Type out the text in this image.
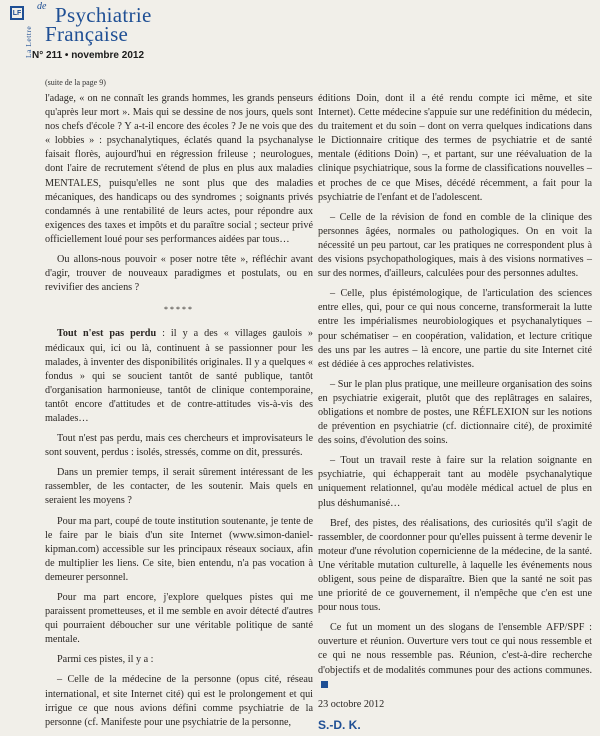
LF
La Lettre
de Psychiatrie
Française
N° 211 • novembre 2012
(suite de la page 9)

l'adage, « on ne connaît les grands hommes, les grands penseurs qu'après leur mort ». Mais qui se dessine de nos jours, quels sont nos chefs d'école ? Y a-t-il encore des écoles ? Je ne vois que des « lobbies » : psychanalytiques, éclatés quand la psychanalyse faisait florès, aujourd'hui en régression frileuse ; neurologues, dont l'aire de recrutement s'étend de plus en plus aux maladies MENTALES, puisqu'elles ne sont plus que des maladies mécaniques, des handicaps ou des syndromes ; soignants privés condamnés à une rentabilité de leurs actes, pour répondre aux exigences des taxes et impôts et du paraître social ; secteur privé officiellement loué pour ses performances aidées par tous…

Ou allons-nous pouvoir « poser notre tête », réfléchir avant d'agir, trouver de nouveaux paradigmes et postulats, ou en revivifier des anciens ?

*****

Tout n'est pas perdu : il y a des « villages gaulois » médicaux qui, ici ou là, continuent à se passionner pour les malades, à inventer des disponibilités originales. Il y a quelques « fondus » qui se soucient tantôt de santé publique, tantôt d'organisation harmonieuse, tantôt de clinique contemporaine, tantôt encore d'attitudes et de contre-attitudes vis-à-vis des malades…

Tout n'est pas perdu, mais ces chercheurs et improvisateurs le sont souvent, perdus : isolés, stressés, comme on dit, pressurés.

Dans un premier temps, il serait sûrement intéressant de les rassembler, de les contacter, de les soutenir. Mais quels en seraient les moyens ?

Pour ma part, coupé de toute institution soutenante, je tente de le faire par le biais d'un site Internet (www.simon-daniel-kipman.com) accessible sur les principaux réseaux sociaux, afin de multiplier les liens. Ce site, bien entendu, n'a pas vocation à demeurer personnel.

Pour ma part encore, j'explore quelques pistes qui me paraissent prometteuses, et il me semble en avoir détecté d'autres qui pourraient déboucher sur une véritable politique de santé mentale.

Parmi ces pistes, il y a :

– Celle de la médecine de la personne (opus cité, réseau international, et site Internet cité) qui est le prolongement et qui irrigue ce que nous avions défini comme psychiatrie de la personne (cf. Manifeste pour une psychiatrie de la personne,

éditions Doin, dont il a été rendu compte ici même, et site Internet). Cette médecine s'appuie sur une redéfinition du médecin, du traitement et du soin – dont on verra quelques indications dans le Dictionnaire critique des termes de psychiatrie et de santé mentale (éditions Doin) –, et partant, sur une réévaluation de la clinique psychiatrique, sous la forme de classifications nouvelles – et proches de ce que Mises, décédé récemment, a fait pour la psychiatrie de l'enfant et de l'adolescent.

– Celle de la révision de fond en comble de la clinique des personnes âgées, normales ou pathologiques. On en voit la nécessité un peu partout, car les pratiques ne correspondent plus à des visions psychopathologiques, mais à des visions normatives – sur des normes, d'ailleurs, calculées pour des personnes adultes.

– Celle, plus épistémologique, de l'articulation des sciences entre elles, qui, pour ce qui nous concerne, transformerait la lutte entre les impérialismes neurobiologiques et psychanalytiques – pour schématiser – en coopération, validation, et lecture critique des uns par les autres – là encore, une partie du site Internet cité est dédiée à ces approches relativistes.

– Sur le plan plus pratique, une meilleure organisation des soins en psychiatrie exigerait, plutôt que des replâtrages en salaires, obligations et nombre de postes, une RÉFLEXION sur les notions de prévention en psychiatrie (cf. dictionnaire cité), de proximité des soins, d'évolution des soins.

– Tout un travail reste à faire sur la relation soignante en psychiatrie, qui échapperait tant au modèle psychanalytique uniquement relationnel, qu'au modèle médical actuel de plus en plus déshumanisé…

Bref, des pistes, des réalisations, des curiosités qu'il s'agit de rassembler, de coordonner pour qu'elles puissent à terme devenir le moteur d'une révolution copernicienne de la médecine, de la santé. Une véritable mutation culturelle, à laquelle les événements nous obligent, sous peine de disparaître. Bien que la santé ne soit pas une priorité de ce gouvernement, il n'empêche que c'en est une pour nous tous.

Ce fut un moment un des slogans de l'ensemble AFP/SPF : ouverture et réunion. Ouverture vers tout ce qui nous ressemble et ce qui ne nous ressemble pas. Réunion, c'est-à-dire recherche d'objectifs et de modalités communes pour des actions communes.

23 octobre 2012

S.-D. K.
